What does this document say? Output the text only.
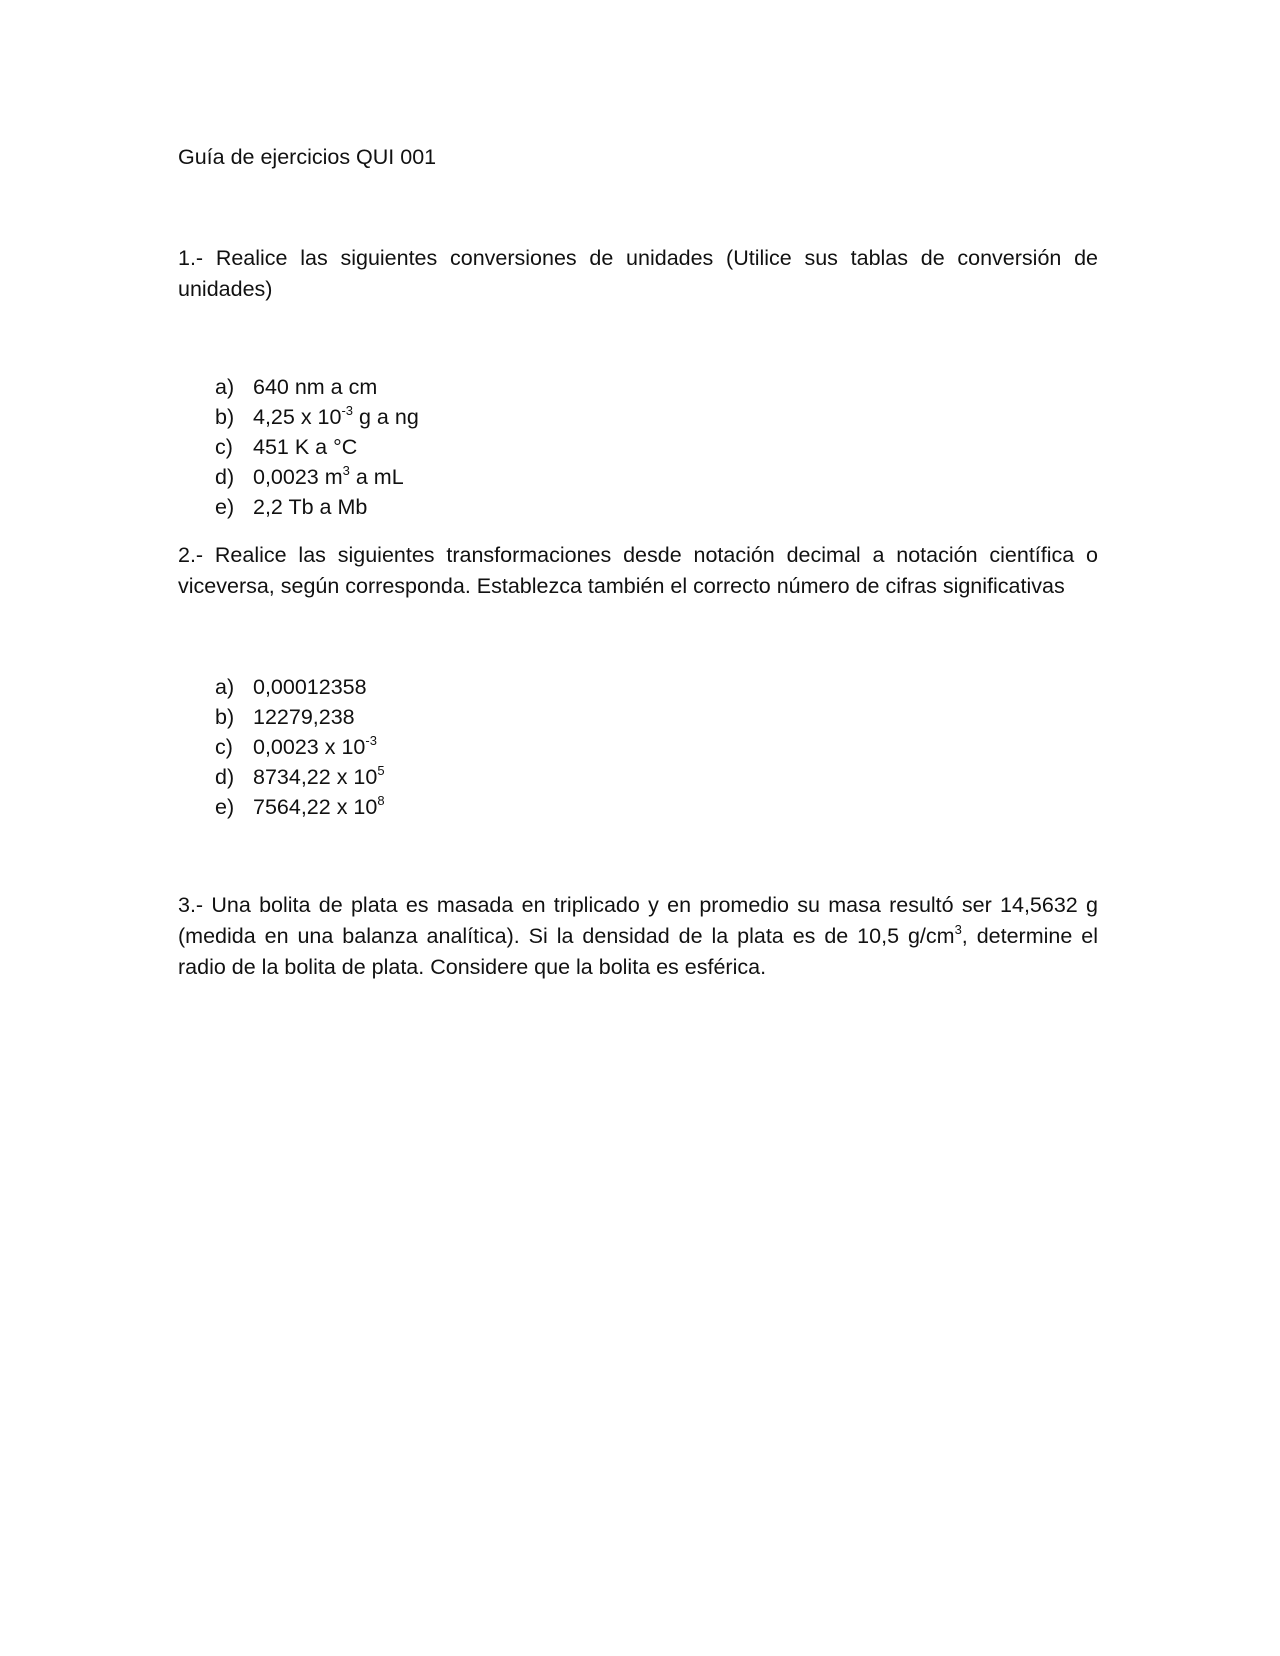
Guía de ejercicios QUI 001

1.- Realice las siguientes conversiones de unidades (Utilice sus tablas de conversión de unidades)

a) 640 nm a cm
b) 4,25 x $10^{-3}$ g a ng
c) 451 K a °C
d) 0,0023 $m^3$ a mL
e) 2,2 Tb a Mb

2.- Realice las siguientes transformaciones desde notación decimal a notación científica o viceversa, según corresponda. Establezca también el correcto número de cifras significativas

a) 0,00012358
b) 12279,238
c) 0,0023 x $10^{-3}$
d) 8734,22 x $10^5$
e) 7564,22 x $10^8$

3.- Una bolita de plata es masada en triplicado y en promedio su masa resultó ser 14,5632 g (medida en una balanza analítica). Si la densidad de la plata es de 10,5 $g/cm^3$, determine el radio de la bolita de plata. Considere que la bolita es esférica.
